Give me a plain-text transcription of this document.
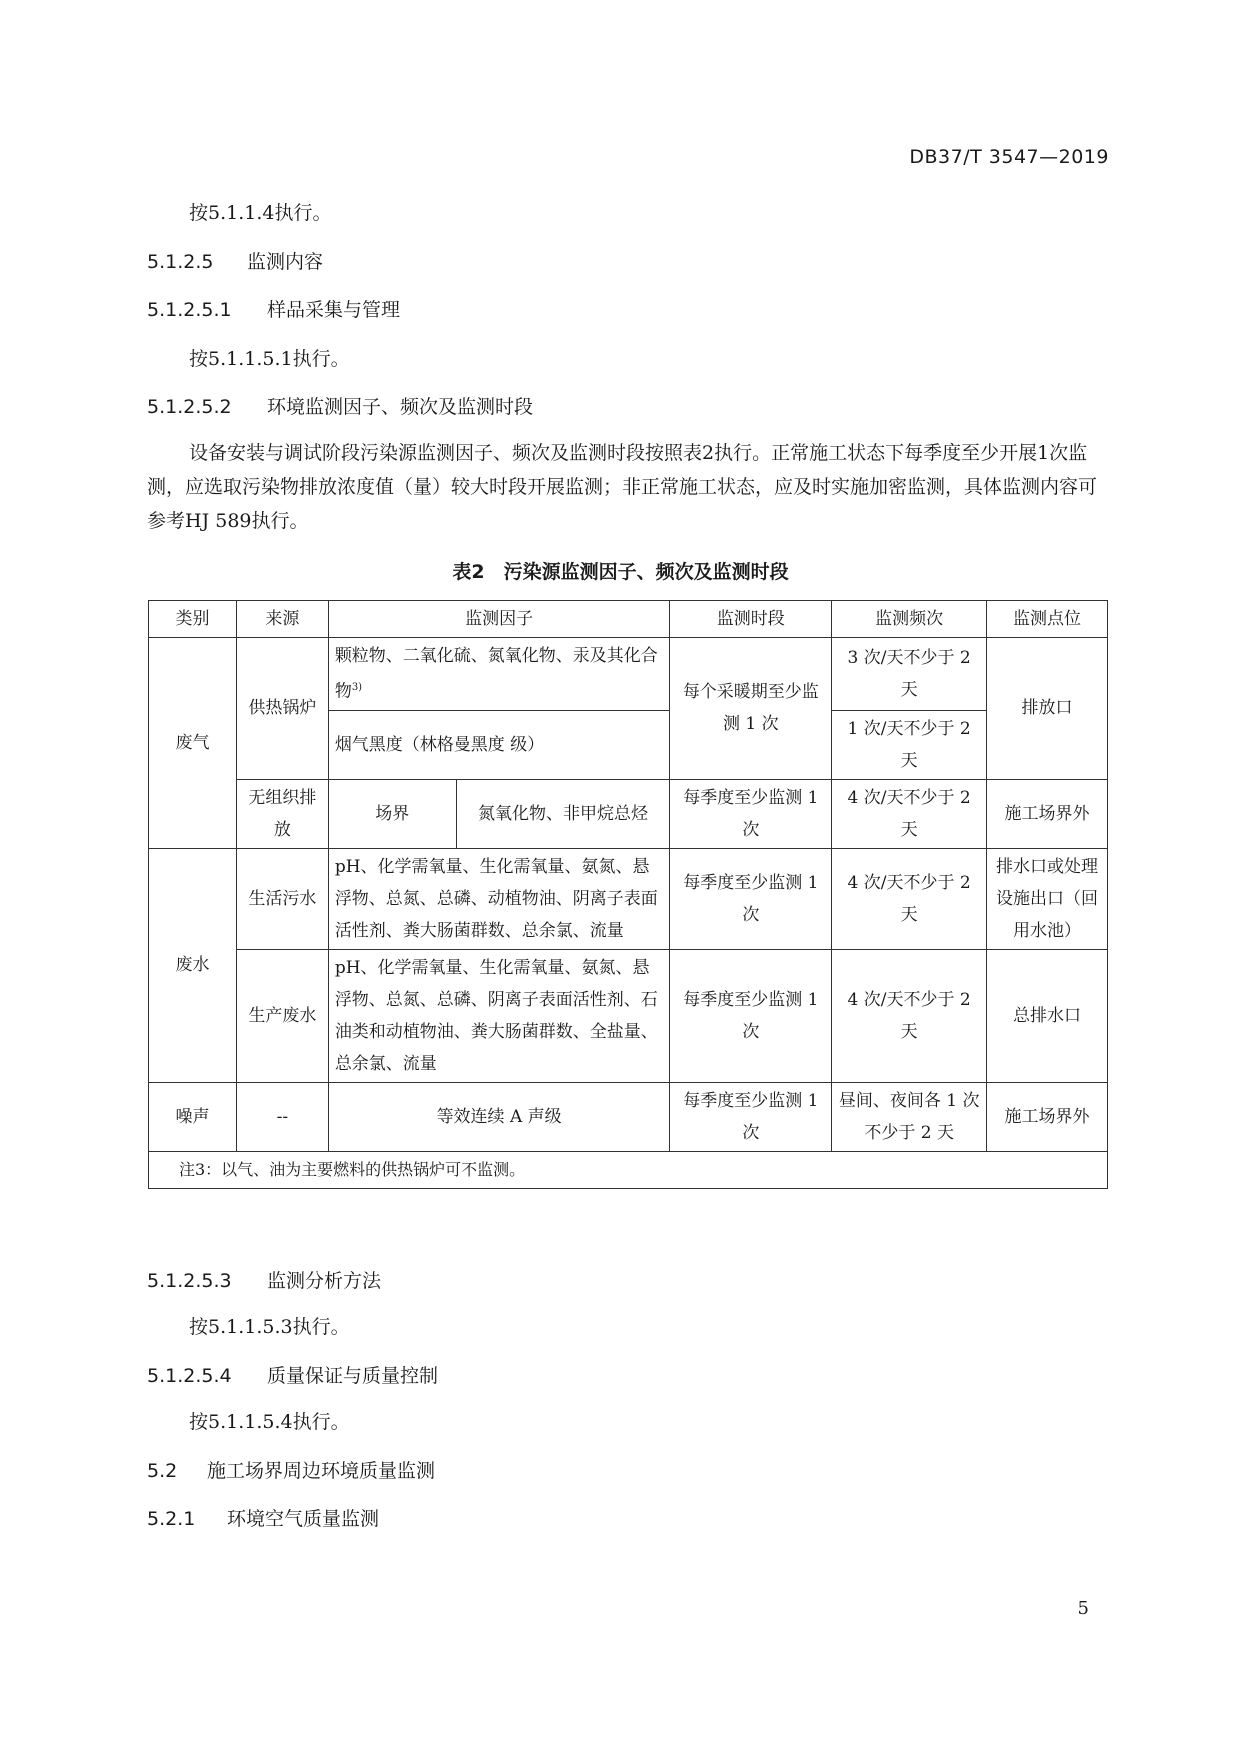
DB37/T 3547—2019
按5.1.1.4执行。
5.1.2.5 监测内容
5.1.2.5.1 样品采集与管理
按5.1.1.5.1执行。
5.1.2.5.2 环境监测因子、频次及监测时段
设备安装与调试阶段污染源监测因子、频次及监测时段按照表2执行。正常施工状态下每季度至少开展1次监测，应选取污染物排放浓度值（量）较大时段开展监测；非正常施工状态，应及时实施加密监测，具体监测内容可参考HJ 589执行。
表2　污染源监测因子、频次及监测时段
类别	来源	监测因子		监测时段	监测频次	监测点位
废气	供热锅炉	颗粒物、二氧化硫、氮氧化物、汞及其化合物$^{3)}$		每个采暖期至少监测 1 次	3 次/天不少于 2 天	排放口
		烟气黑度（林格曼黑度 级）			1 次/天不少于 2 天	
	无组织排放	场界	氮氧化物、非甲烷总烃	每季度至少监测 1 次	4 次/天不少于 2 天	施工场界外
废水	生活污水	pH、化学需氧量、生化需氧量、氨氮、悬浮物、总氮、总磷、动植物油、阴离子表面活性剂、粪大肠菌群数、总余氯、流量		每季度至少监测 1 次	4 次/天不少于 2 天	排水口或处理设施出口（回用水池）
	生产废水	pH、化学需氧量、生化需氧量、氨氮、悬浮物、总氮、总磷、阴离子表面活性剂、石油类和动植物油、粪大肠菌群数、全盐量、总余氯、流量		每季度至少监测 1 次	4 次/天不少于 2 天	总排水口
噪声	--	等效连续 A 声级		每季度至少监测 1 次	昼间、夜间各 1 次不少于 2 天	施工场界外
注3：以气、油为主要燃料的供热锅炉可不监测。						
5.1.2.5.3 监测分析方法
按5.1.1.5.3执行。
5.1.2.5.4 质量保证与质量控制
按5.1.1.5.4执行。
5.2 施工场界周边环境质量监测
5.2.1 环境空气质量监测
5
